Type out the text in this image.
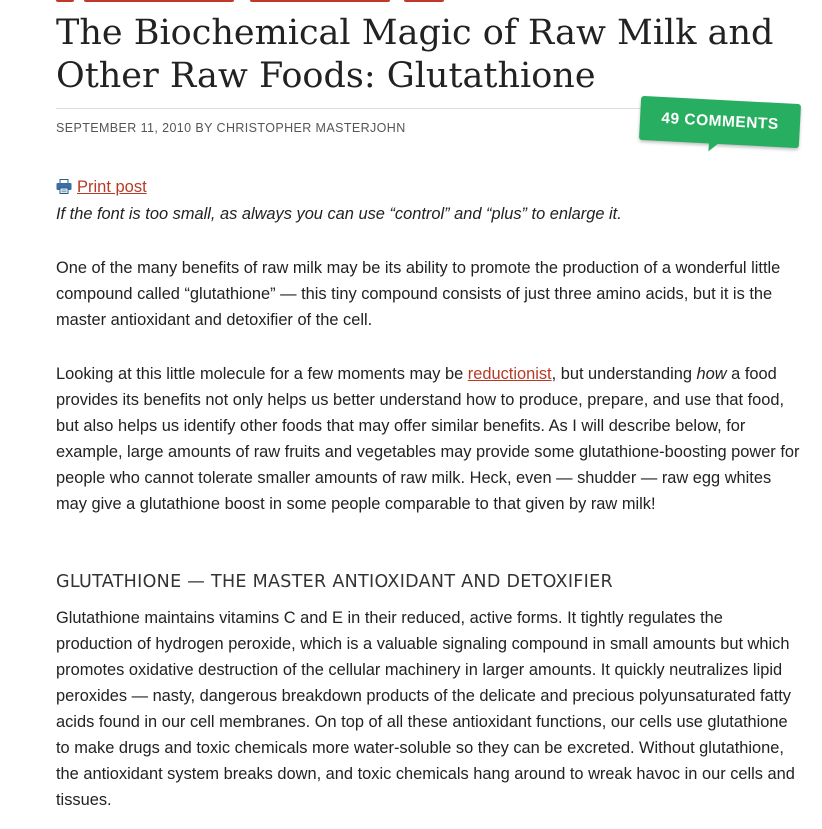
The Biochemical Magic of Raw Milk and Other Raw Foods: Glutathione
SEPTEMBER 11, 2010 BY CHRISTOPHER MASTERJOHN	49 COMMENTS
Print post

If the font is too small, as always you can use “control” and “plus” to enlarge it.

One of the many benefits of raw milk may be its ability to promote the production of a wonderful little compound called “glutathione” — this tiny compound consists of just three amino acids, but it is the master antioxidant and detoxifier of the cell.

Looking at this little molecule for a few moments may be reductionist, but understanding how a food provides its benefits not only helps us better understand how to produce, prepare, and use that food, but also helps us identify other foods that may offer similar benefits. As I will describe below, for example, large amounts of raw fruits and vegetables may provide some glutathione-boosting power for people who cannot tolerate smaller amounts of raw milk. Heck, even — shudder — raw egg whites may give a glutathione boost in some people comparable to that given by raw milk!

GLUTATHIONE — THE MASTER ANTIOXIDANT AND DETOXIFIER

Glutathione maintains vitamins C and E in their reduced, active forms. It tightly regulates the production of hydrogen peroxide, which is a valuable signaling compound in small amounts but which promotes oxidative destruction of the cellular machinery in larger amounts. It quickly neutralizes lipid peroxides — nasty, dangerous breakdown products of the delicate and precious polyunsaturated fatty acids found in our cell membranes. On top of all these antioxidant functions, our cells use glutathione to make drugs and toxic chemicals more water-soluble so they can be excreted. Without glutathione, the antioxidant system breaks down, and toxic chemicals hang around to wreak havoc in our cells and tissues.
